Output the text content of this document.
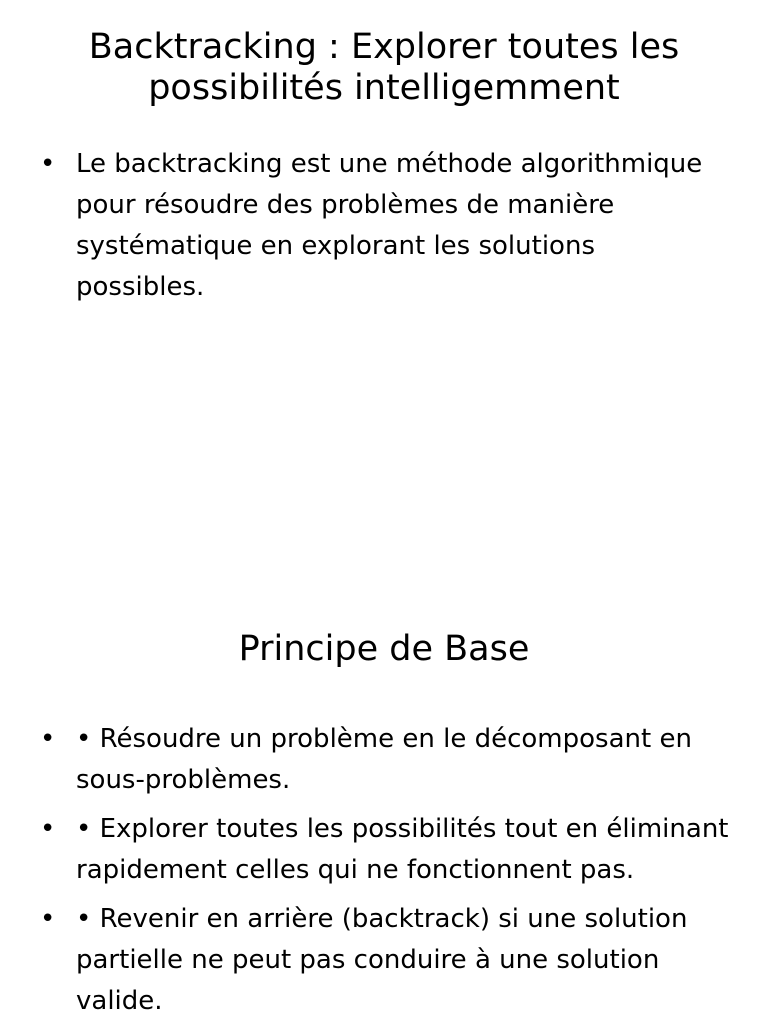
Backtracking : Explorer toutes les possibilités intelligemment
• Le backtracking est une méthode algorithmique pour résoudre des problèmes de manière systématique en explorant les solutions possibles.
Principe de Base
• • Résoudre un problème en le décomposant en sous-problèmes.
• • Explorer toutes les possibilités tout en éliminant rapidement celles qui ne fonctionnent pas.
• • Revenir en arrière (backtrack) si une solution partielle ne peut pas conduire à une solution valide.
